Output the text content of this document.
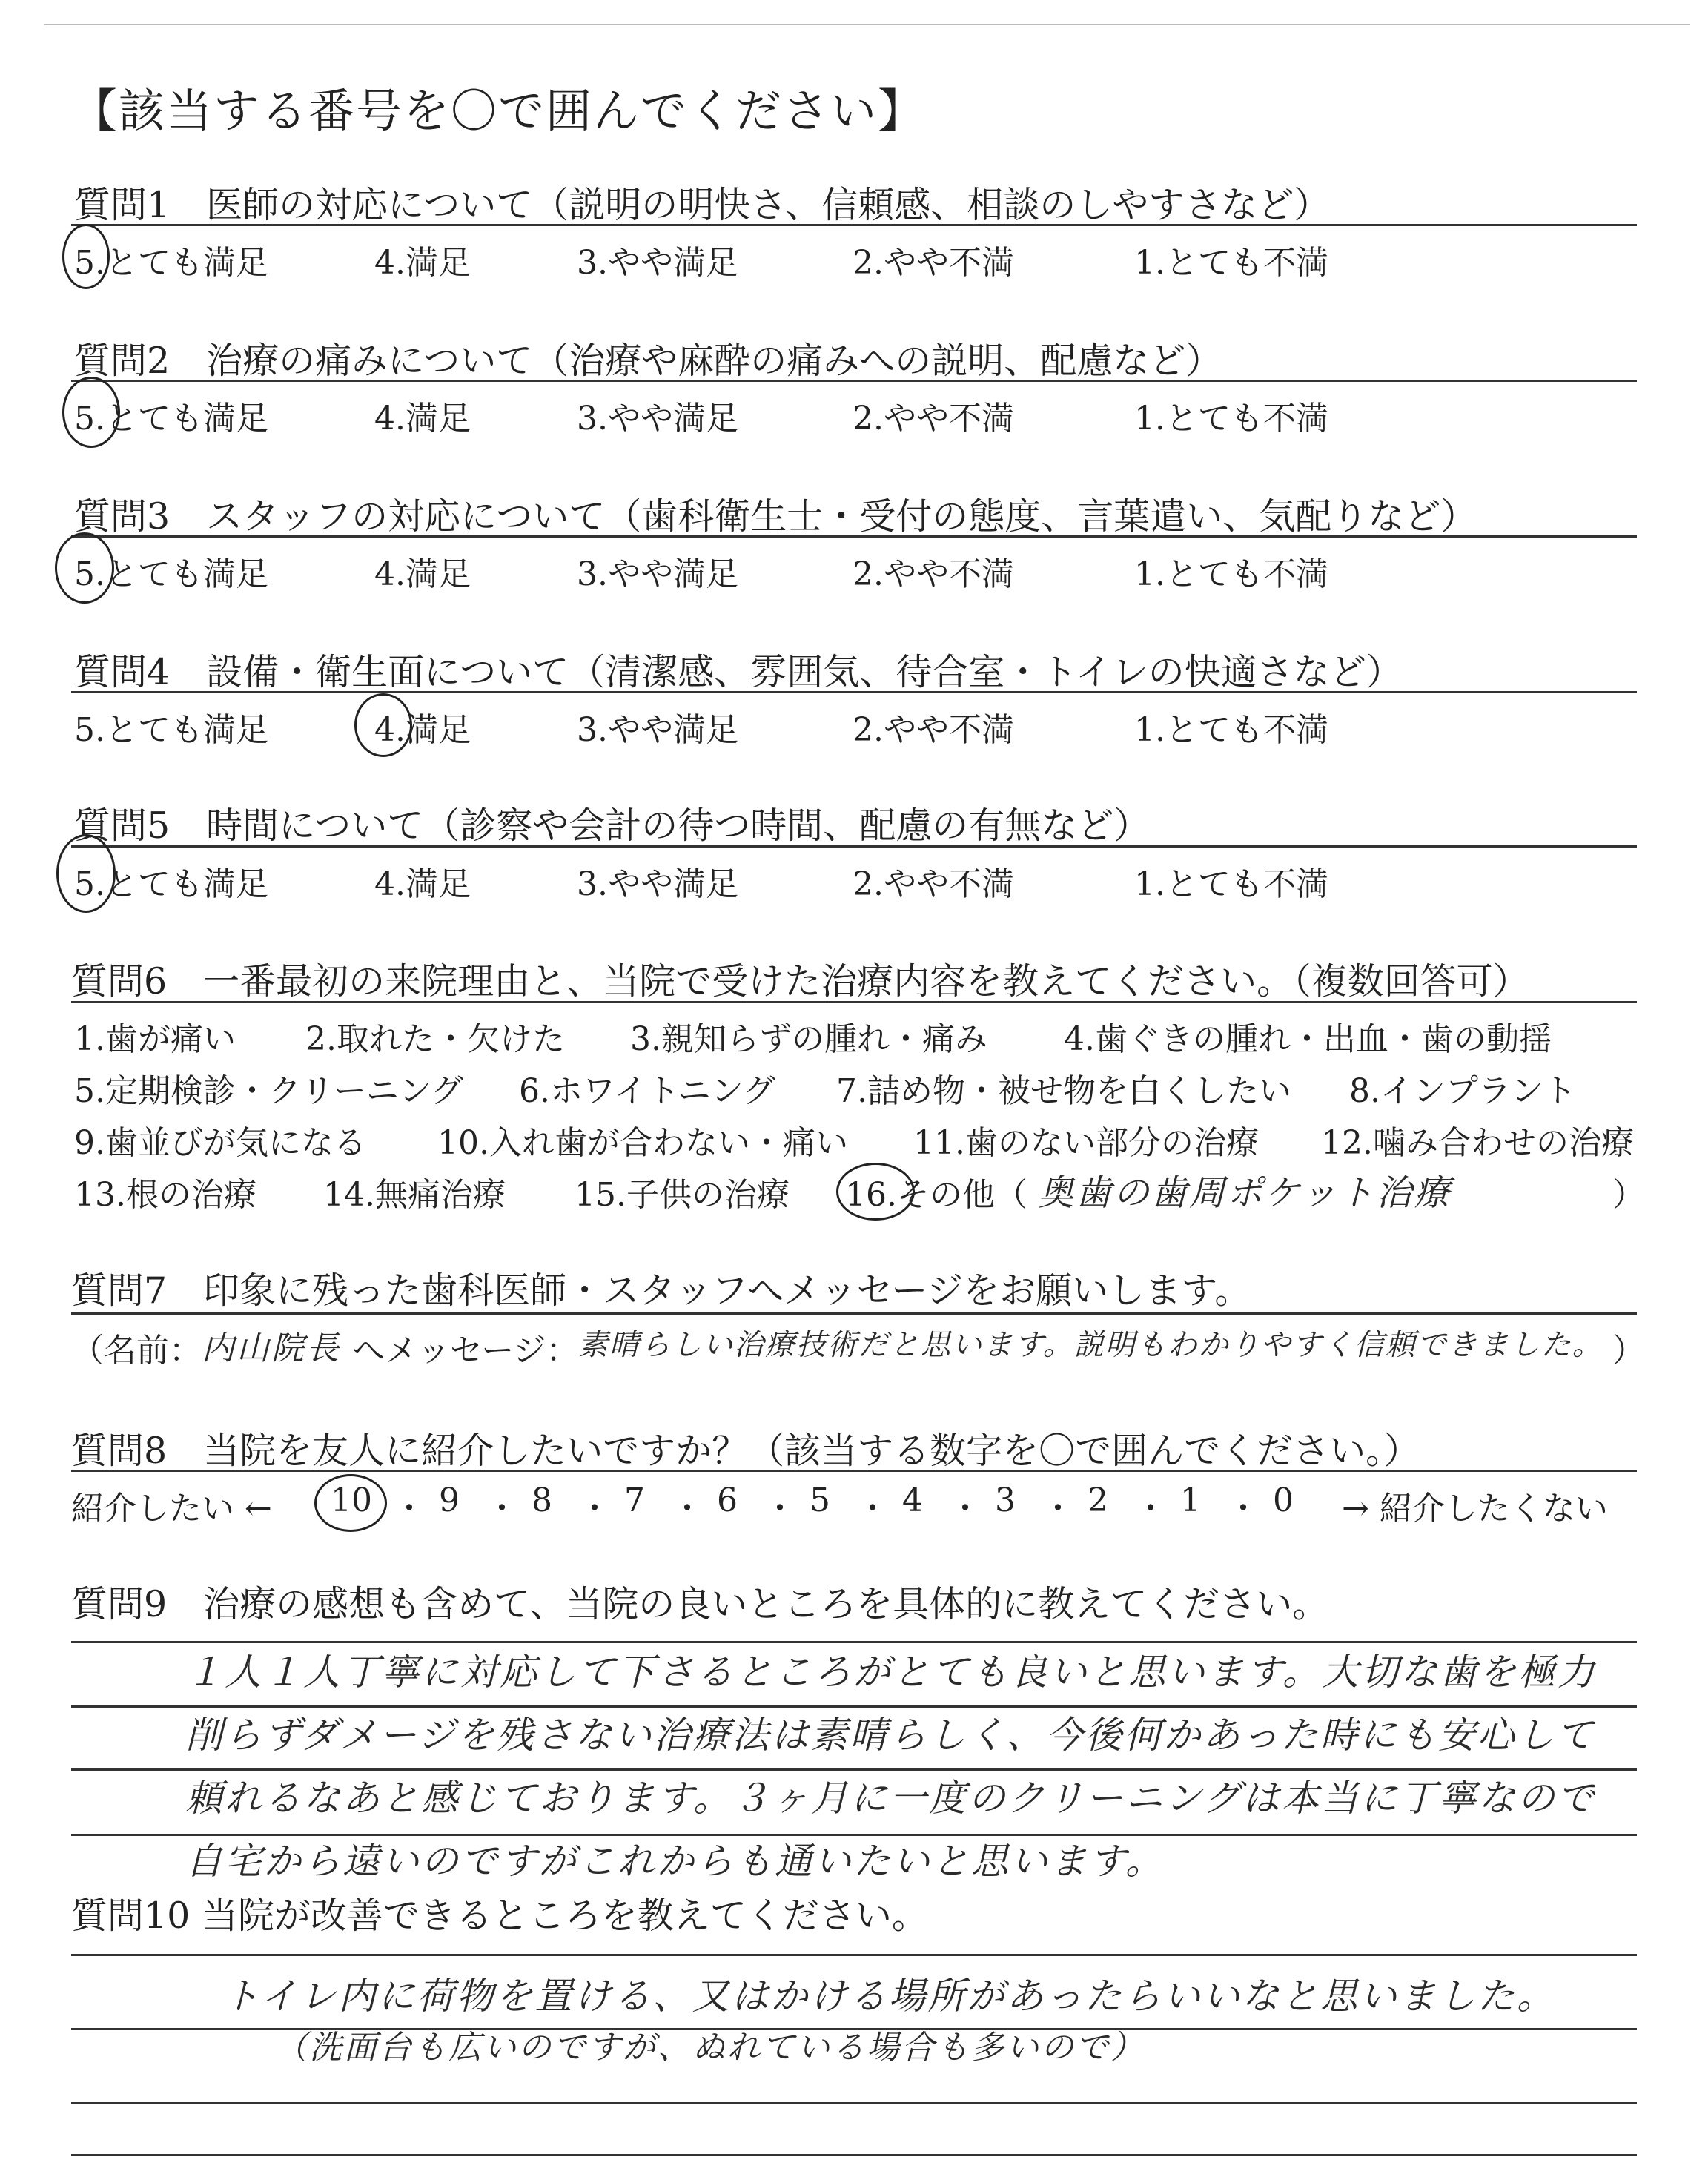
【該当する番号を〇で囲んでください】
質問1　医師の対応について（説明の明快さ、信頼感、相談のしやすさなど）
5.とても満足	4.満足	3.やや満足	2.やや不満	1.とても不満
質問2　治療の痛みについて（治療や麻酔の痛みへの説明、配慮など）
5.とても満足	4.満足	3.やや満足	2.やや不満	1.とても不満
質問3　スタッフの対応について（歯科衛生士・受付の態度、言葉遣い、気配りなど）
5.とても満足	4.満足	3.やや満足	2.やや不満	1.とても不満
質問4　設備・衛生面について（清潔感、雰囲気、待合室・トイレの快適さなど）
5.とても満足	4.満足	3.やや満足	2.やや不満	1.とても不満
質問5　時間について（診察や会計の待つ時間、配慮の有無など）
5.とても満足	4.満足	3.やや満足	2.やや不満	1.とても不満
質問6　一番最初の来院理由と、当院で受けた治療内容を教えてください。（複数回答可）
1.歯が痛い 2.取れた・欠けた 3.親知らずの腫れ・痛み 4.歯ぐきの腫れ・出血・歯の動揺
5.定期検診・クリーニング 6.ホワイトニング 7.詰め物・被せ物を白くしたい 8.インプラント
9.歯並びが気になる 10.入れ歯が合わない・痛い 11.歯のない部分の治療 12.噛み合わせの治療
13.根の治療 14.無痛治療 15.子供の治療 16.その他（ 奥歯の歯周ポケット治療	）
質問7　印象に残った歯科医師・スタッフへメッセージをお願いします。
（名前： 内山院長 へメッセージ： 素晴らしい治療技術だと思います。説明もわかりやすく信頼できました。 ）
質問8　当院を友人に紹介したいですか？（該当する数字を〇で囲んでください。）
紹介したい ← 10 ・ 9 ・ 8 ・ 7 ・ 6 ・ 5 ・ 4 ・ 3 ・ 2 ・ 1 ・ 0 → 紹介したくない
質問9　治療の感想も含めて、当院の良いところを具体的に教えてください。
１人１人丁寧に対応して下さるところがとても良いと思います。大切な歯を極力
削らずダメージを残さない治療法は素晴らしく、今後何かあった時にも安心して
頼れるなあと感じております。３ヶ月に一度のクリーニングは本当に丁寧なので
自宅から遠いのですがこれからも通いたいと思います。
質問10 当院が改善できるところを教えてください。
トイレ内に荷物を置ける、又はかける場所があったらいいなと思いました。
（洗面台も広いのですが、ぬれている場合も多いので）
